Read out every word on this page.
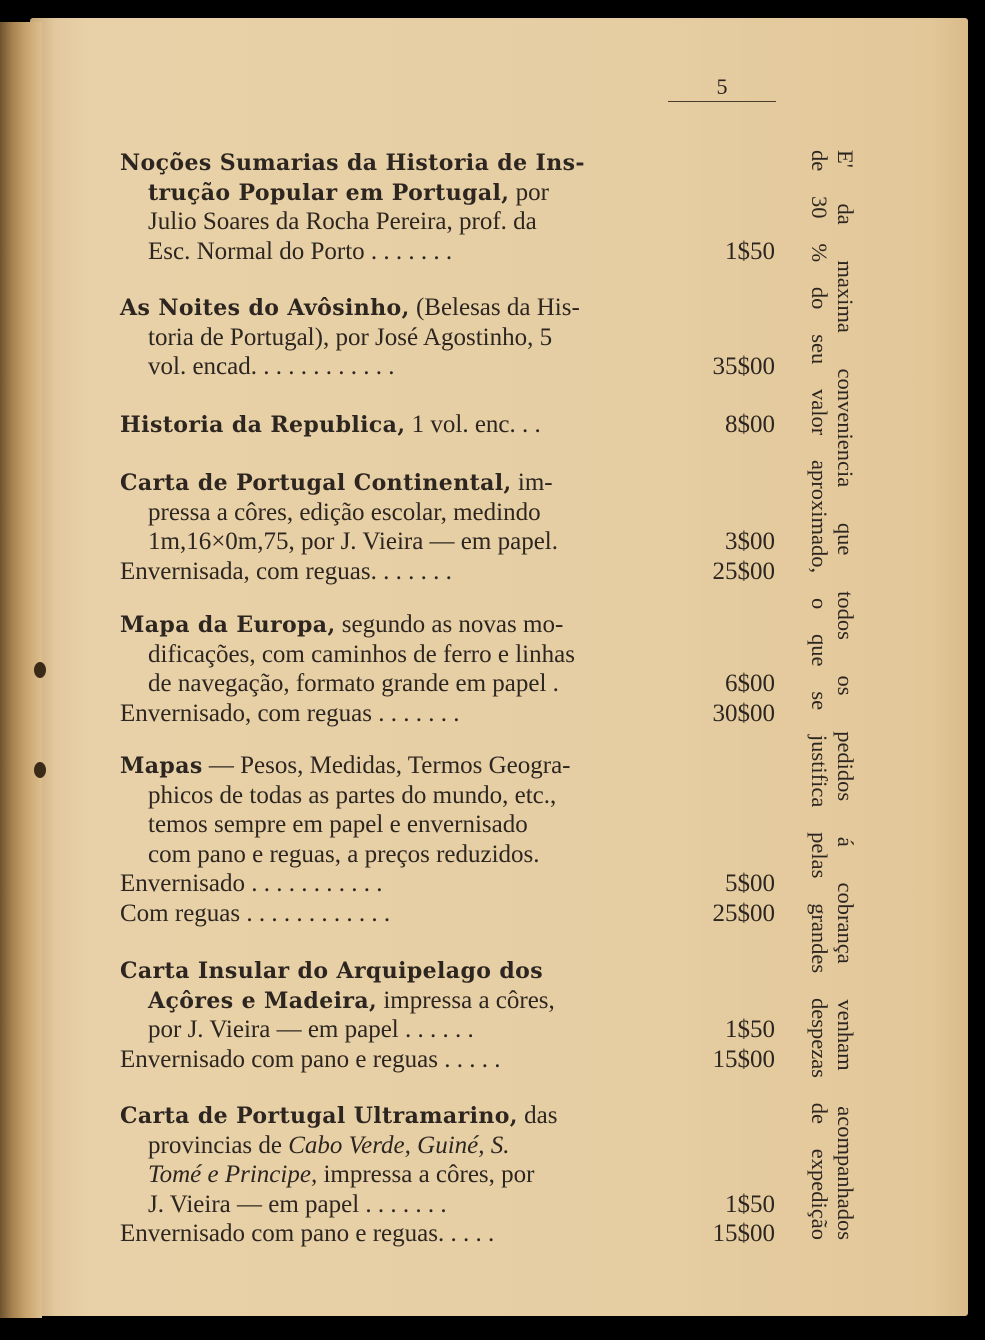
5
Noções Sumarias da Historia de Ins-
trução Popular em Portugal, por
Julio Soares da Rocha Pereira, prof. da
Esc. Normal do Porto . . . . . . .	1$50
As Noites do Avôsinho, (Belesas da His-
toria de Portugal), por José Agostinho, 5
vol. encad. . . . . . . . . . . .	35$00
Historia da Republica, 1 vol. enc. . .	8$00
Carta de Portugal Continental, im-
pressa a côres, edição escolar, medindo
1m,16×0m,75, por J. Vieira — em papel.	3$00
Envernisada, com reguas. . . . . . .	25$00
Mapa da Europa, segundo as novas mo-
dificações, com caminhos de ferro e linhas
de navegação, formato grande em papel .	6$00
Envernisado, com reguas . . . . . . .	30$00
Mapas — Pesos, Medidas, Termos Geogra-
phicos de todas as partes do mundo, etc.,
temos sempre em papel e envernisado
com pano e reguas, a preços reduzidos.
Envernisado . . . . . . . . . . .	5$00
Com reguas . . . . . . . . . . . .	25$00
Carta Insular do Arquipelago dos
Açôres e Madeira, impressa a côres,
por J. Vieira — em papel . . . . . .	1$50
Envernisado com pano e reguas . . . . .	15$00
Carta de Portugal Ultramarino, das
provincias de Cabo Verde, Guiné, S.
Tomé e Principe, impressa a côres, por
J. Vieira — em papel . . . . . . .	1$50
Envernisado com pano e reguas. . . . .	15$00	E' da maxima conveniencia que todos os pedidos á cobrança venham acompanhados
de 30 % do seu valor aproximado, o que se justifica pelas grandes despezas de expedição
